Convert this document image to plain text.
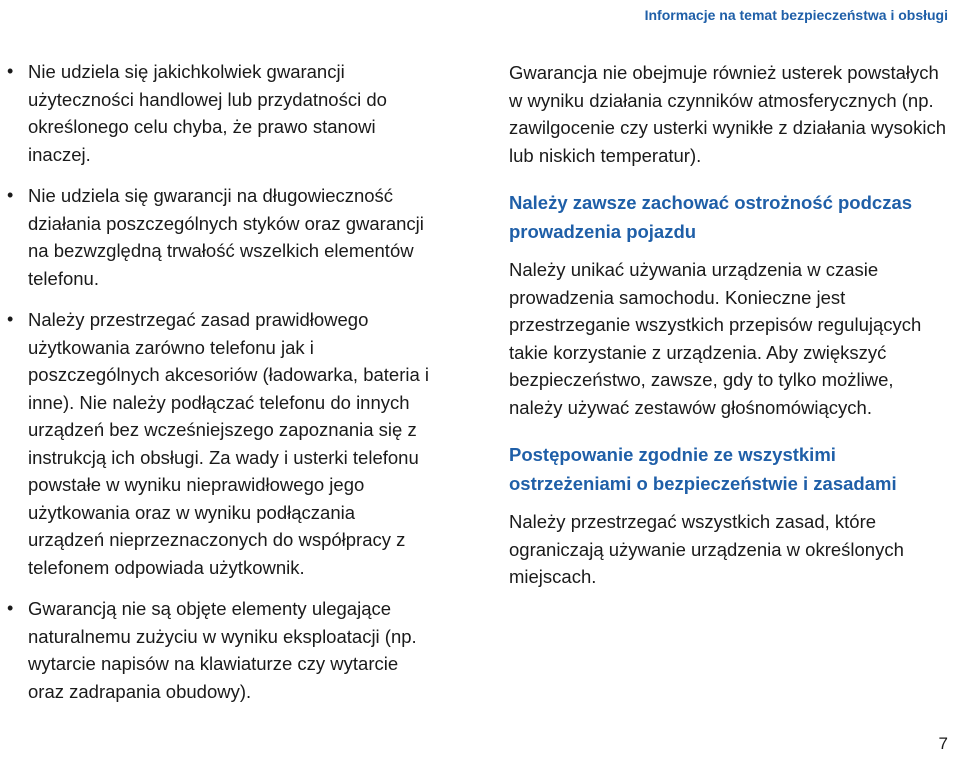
Informacje na temat bezpieczeństwa i obsługi
• Nie udziela się jakichkolwiek gwarancji użyteczności handlowej lub przydatności do określonego celu chyba, że prawo stanowi inaczej.
• Nie udziela się gwarancji na długowieczność działania poszczególnych styków oraz gwarancji na bezwzględną trwałość wszelkich elementów telefonu.
• Należy przestrzegać zasad prawidłowego użytkowania zarówno telefonu jak i poszczególnych akcesoriów (ładowarka, bateria i inne). Nie należy podłączać telefonu do innych urządzeń bez wcześniejszego zapoznania się z instrukcją ich obsługi. Za wady i usterki telefonu powstałe w wyniku nieprawidłowego jego użytkowania oraz w wyniku podłączania urządzeń nieprzeznaczonych do współpracy z telefonem odpowiada użytkownik.
• Gwarancją nie są objęte elementy ulegające naturalnemu zużyciu w wyniku eksploatacji (np. wytarcie napisów na klawiaturze czy wytarcie oraz zadrapania obudowy).

Gwarancja nie obejmuje również usterek powstałych w wyniku działania czynników atmosferycznych (np. zawilgocenie czy usterki wynikłe z działania wysokich lub niskich temperatur).

Należy zawsze zachować ostrożność podczas prowadzenia pojazdu

Należy unikać używania urządzenia w czasie prowadzenia samochodu. Konieczne jest przestrzeganie wszystkich przepisów regulujących takie korzystanie z urządzenia. Aby zwiększyć bezpieczeństwo, zawsze, gdy to tylko możliwe, należy używać zestawów głośnomówiących.

Postępowanie zgodnie ze wszystkimi ostrzeżeniami o bezpieczeństwie i zasadami

Należy przestrzegać wszystkich zasad, które ograniczają używanie urządzenia w określonych miejscach.

7
